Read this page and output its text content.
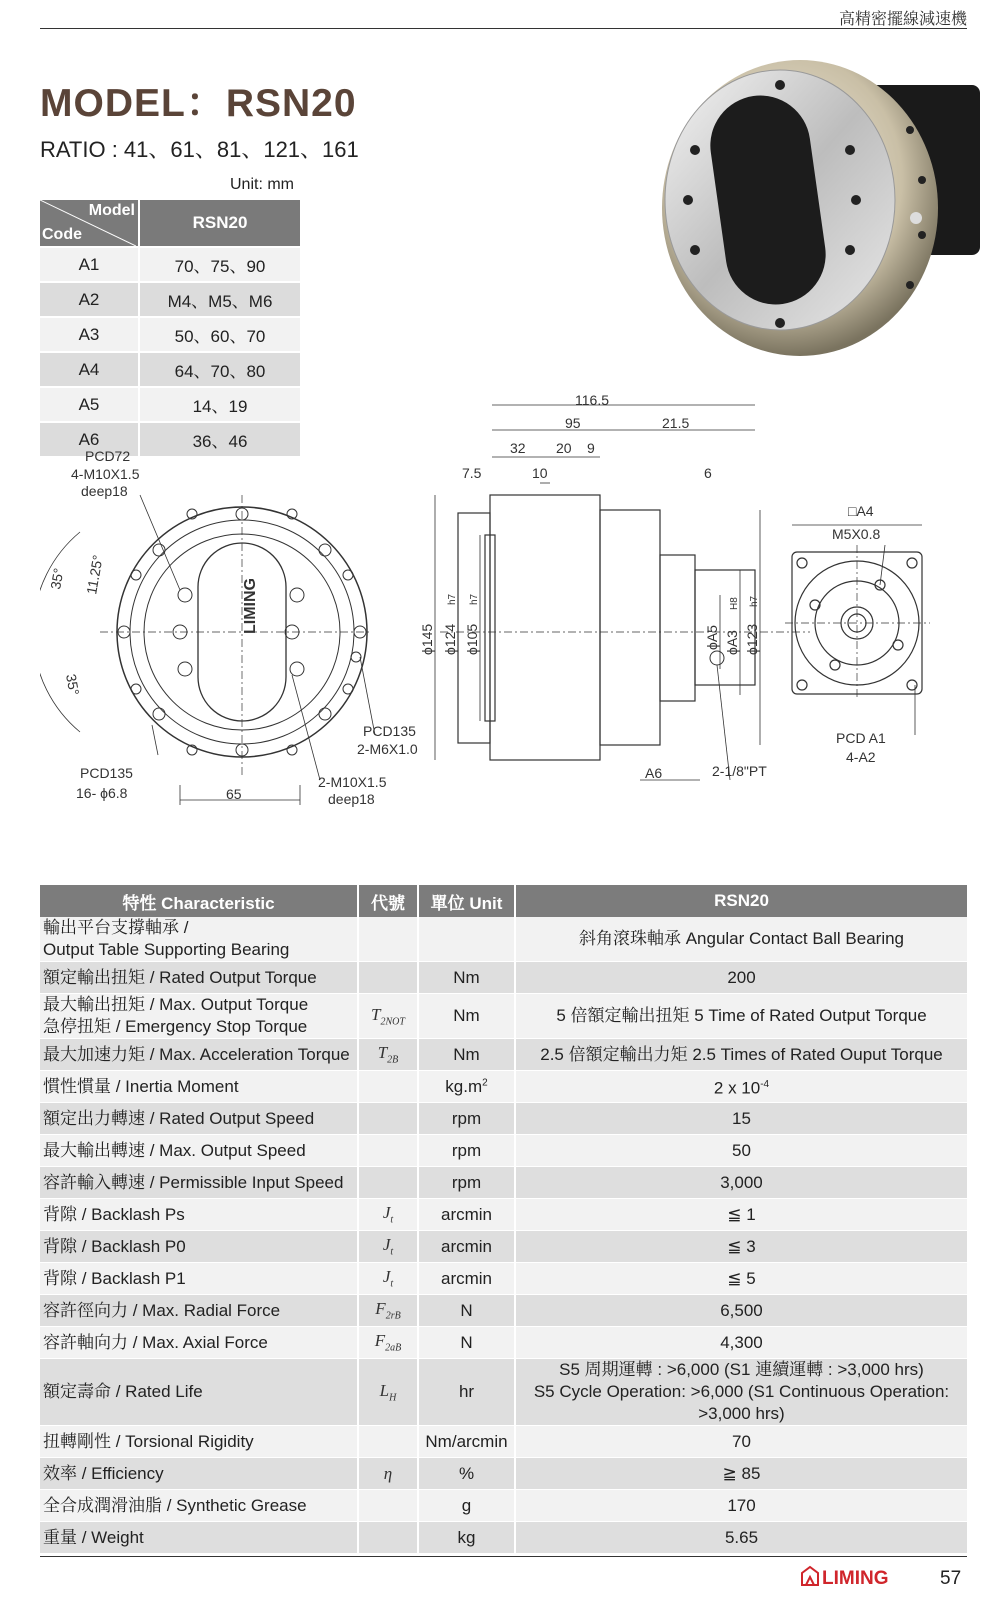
高精密擺線減速機
MODEL：RSN20
RATIO : 41、61、81、121、161
Unit: mm
Model
Code	RSN20
A1	70、75、90
A2	M4、M5、M6
A3	50、60、70
A4	64、70、80
A5	14、19
A6	36、46
LIMING
PCD72
4-M10X1.5
deep18
35° 11.25°
35°
PCD135
16- ϕ6.8	65
2-M10X1.5
deep18
PCD135
2-M6X1.0
116.5
95	21.5
32 20 9
7.5	10	6
ϕ145 ϕ124
h7
ϕ105
h7
ϕA5 ϕA3
H8
ϕ123
h7
A6	2-1/8"PT
□A4
M5X0.8
PCD A1
4-A2
特性 Characteristic	代號	單位 Unit	RSN20
輸出平台支撐軸承 /
Output Table Supporting Bearing			斜角滾珠軸承 Angular Contact Ball Bearing
額定輸出扭矩 / Rated Output Torque		Nm	200
最大輸出扭矩 / Max. Output Torque
急停扭矩 / Emergency Stop Torque	$T_{2NOT}$	Nm	5 倍額定輸出扭矩 5 Time of Rated Output Torque
最大加速力矩 / Max. Acceleration Torque	$T_{2B}$	Nm	2.5 倍額定輸出力矩 2.5 Times of Rated Ouput Torque
慣性慣量 / Inertia Moment		$kg.m^2$	2 x $10^{-4}$
額定出力轉速 / Rated Output Speed		rpm	15
最大輸出轉速 / Max. Output Speed		rpm	50
容許輸入轉速 / Permissible Input Speed		rpm	3,000
背隙 / Backlash Ps	$J_t$	arcmin	≦ 1
背隙 / Backlash P0	$J_t$	arcmin	≦ 3
背隙 / Backlash P1	$J_t$	arcmin	≦ 5
容許徑向力 / Max. Radial Force	$F_{2rB}$	N	6,500
容許軸向力 / Max. Axial Force	$F_{2aB}$	N	4,300
額定壽命 / Rated Life	$L_H$	hr	S5 周期運轉 : >6,000 (S1 連續運轉 : >3,000 hrs)
S5 Cycle Operation: >6,000 (S1 Continuous Operation:
>3,000 hrs)
扭轉剛性 / Torsional Rigidity		Nm/arcmin	70
效率 / Efficiency	η	%	≧ 85
全合成潤滑油脂 / Synthetic Grease		g	170
重量 / Weight		kg	5.65
LIMING	57
